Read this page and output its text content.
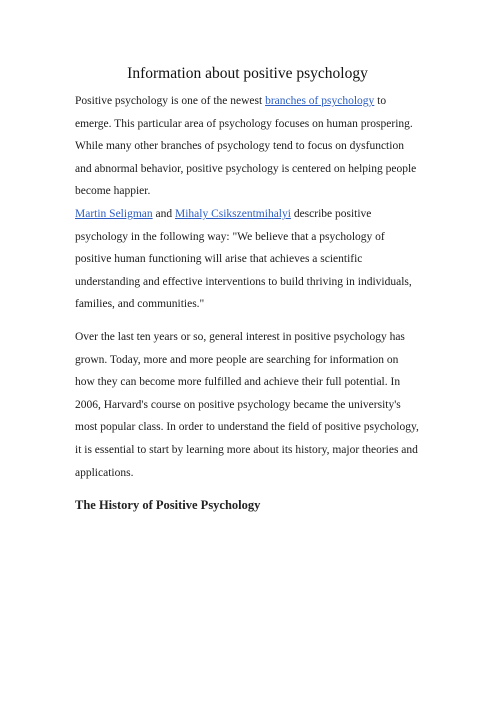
Information about positive psychology

Positive psychology is one of the newest branches of psychology to emerge. This particular area of psychology focuses on human prospering. While many other branches of psychology tend to focus on dysfunction and abnormal behavior, positive psychology is centered on helping people become happier.

Martin Seligman and Mihaly Csikszentmihalyi describe positive psychology in the following way: "We believe that a psychology of positive human functioning will arise that achieves a scientific understanding and effective interventions to build thriving in individuals, families, and communities."

Over the last ten years or so, general interest in positive psychology has grown. Today, more and more people are searching for information on how they can become more fulfilled and achieve their full potential. In 2006, Harvard's course on positive psychology became the university's most popular class. In order to understand the field of positive psychology, it is essential to start by learning more about its history, major theories and applications.

The History of Positive Psychology
